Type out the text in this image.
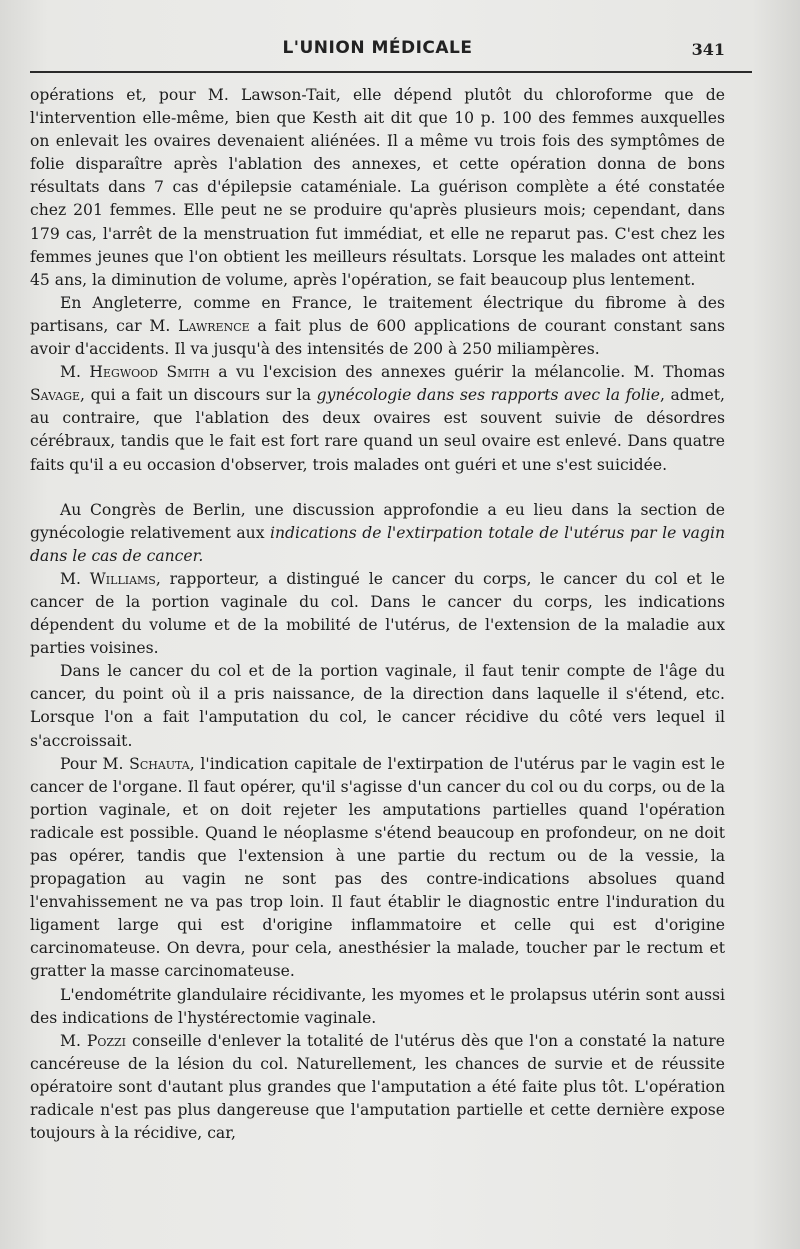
L'UNION MÉDICALE	341

opérations et, pour M. Lawson-Tait, elle dépend plutôt du chloroforme que de l'intervention elle-même, bien que Kesth ait dit que 10 p. 100 des femmes auxquelles on enlevait les ovaires devenaient aliénées. Il a même vu trois fois des symptômes de folie disparaître après l'ablation des annexes, et cette opération donna de bons résultats dans 7 cas d'épilepsie cataméniale. La guérison complète a été constatée chez 201 femmes. Elle peut ne se produire qu'après plusieurs mois; cependant, dans 179 cas, l'arrêt de la menstruation fut immédiat, et elle ne reparut pas. C'est chez les femmes jeunes que l'on obtient les meilleurs résultats. Lorsque les malades ont atteint 45 ans, la diminution de volume, après l'opération, se fait beaucoup plus lentement.

En Angleterre, comme en France, le traitement électrique du fibrome à des partisans, car M. Lawrence a fait plus de 600 applications de courant constant sans avoir d'accidents. Il va jusqu'à des intensités de 200 à 250 miliampères.

M. Hegwood Smith a vu l'excision des annexes guérir la mélancolie. M. Thomas Savage, qui a fait un discours sur la gynécologie dans ses rapports avec la folie, admet, au contraire, que l'ablation des deux ovaires est souvent suivie de désordres cérébraux, tandis que le fait est fort rare quand un seul ovaire est enlevé. Dans quatre faits qu'il a eu occasion d'observer, trois malades ont guéri et une s'est suicidée.

Au Congrès de Berlin, une discussion approfondie a eu lieu dans la section de gynécologie relativement aux indications de l'extirpation totale de l'utérus par le vagin dans le cas de cancer.

M. Williams, rapporteur, a distingué le cancer du corps, le cancer du col et le cancer de la portion vaginale du col. Dans le cancer du corps, les indications dépendent du volume et de la mobilité de l'utérus, de l'extension de la maladie aux parties voisines.

Dans le cancer du col et de la portion vaginale, il faut tenir compte de l'âge du cancer, du point où il a pris naissance, de la direction dans laquelle il s'étend, etc. Lorsque l'on a fait l'amputation du col, le cancer récidive du côté vers lequel il s'accroissait.

Pour M. Schauta, l'indication capitale de l'extirpation de l'utérus par le vagin est le cancer de l'organe. Il faut opérer, qu'il s'agisse d'un cancer du col ou du corps, ou de la portion vaginale, et on doit rejeter les amputations partielles quand l'opération radicale est possible. Quand le néoplasme s'étend beaucoup en profondeur, on ne doit pas opérer, tandis que l'extension à une partie du rectum ou de la vessie, la propagation au vagin ne sont pas des contre-indications absolues quand l'envahissement ne va pas trop loin. Il faut établir le diagnostic entre l'induration du ligament large qui est d'origine inflammatoire et celle qui est d'origine carcinomateuse. On devra, pour cela, anesthésier la malade, toucher par le rectum et gratter la masse carcinomateuse.

L'endométrite glandulaire récidivante, les myomes et le prolapsus utérin sont aussi des indications de l'hystérectomie vaginale.

M. Pozzi conseille d'enlever la totalité de l'utérus dès que l'on a constaté la nature cancéreuse de la lésion du col. Naturellement, les chances de survie et de réussite opératoire sont d'autant plus grandes que l'amputation a été faite plus tôt. L'opération radicale n'est pas plus dangereuse que l'amputation partielle et cette dernière expose toujours à la récidive, car,
